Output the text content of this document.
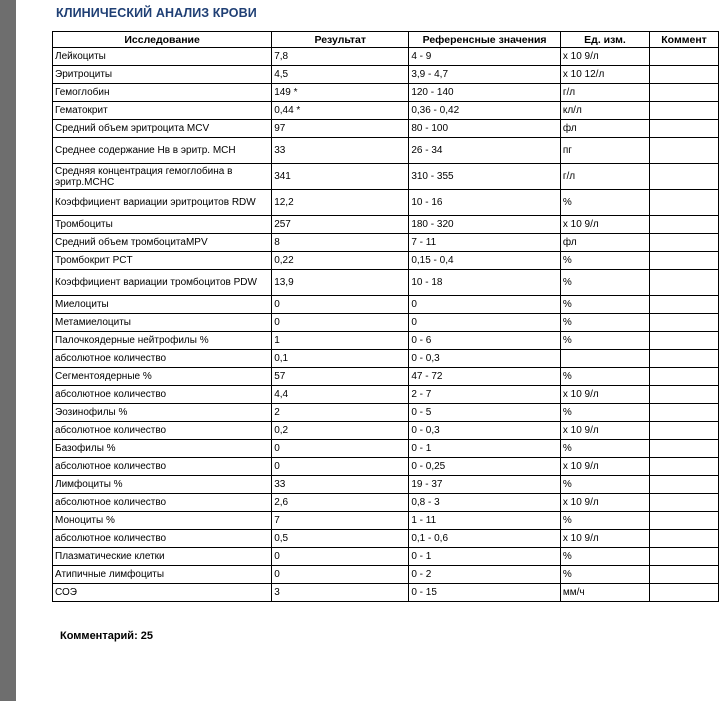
КЛИНИЧЕСКИЙ АНАЛИЗ КРОВИ
Исследование	Результат	Референсные значения	Ед. изм.	Коммент
Лейкоциты	7,8	4 - 9	x 10 9/л	
Эритроциты	4,5	3,9 - 4,7	x 10 12/л	
Гемоглобин	149 *	120 - 140	г/л	
Гематокрит	0,44 *	0,36 - 0,42	кл/л	
Средний объем эритроцита MCV	97	80 - 100	фл	
Среднее содержание Нв в эритр. МСН	33	26 - 34	пг	
Средняя концентрация гемоглобина в эритр.МСНС	341	310 - 355	г/л	
Коэффициент вариации эритроцитов RDW	12,2	10 - 16	%	
Тромбоциты	257	180 - 320	x 10 9/л	
Средний объем тромбоцитаMPV	8	7 - 11	фл	
Тромбокрит PCT	0,22	0,15 - 0,4	%	
Коэффициент вариации тромбоцитов PDW	13,9	10 - 18	%	
Миелоциты	0	0	%	
Метамиелоциты	0	0	%	
Палочкоядерные нейтрофилы %	1	0 - 6	%	
абсолютное количество	0,1	0 - 0,3		
Сегментоядерные %	57	47 - 72	%	
абсолютное количество	4,4	2 - 7	x 10 9/л	
Эозинофилы %	2	0 - 5	%	
абсолютное количество	0,2	0 - 0,3	x 10 9/л	
Базофилы %	0	0 - 1	%	
абсолютное количество	0	0 - 0,25	x 10 9/л	
Лимфоциты %	33	19 - 37	%	
абсолютное количество	2,6	0,8 - 3	x 10 9/л	
Моноциты %	7	1 - 11	%	
абсолютное количество	0,5	0,1 - 0,6	x 10 9/л	
Плазматические клетки	0	0 - 1	%	
Атипичные лимфоциты	0	0 - 2	%	
СОЭ	3	0 - 15	мм/ч	
Комментарий: 25
